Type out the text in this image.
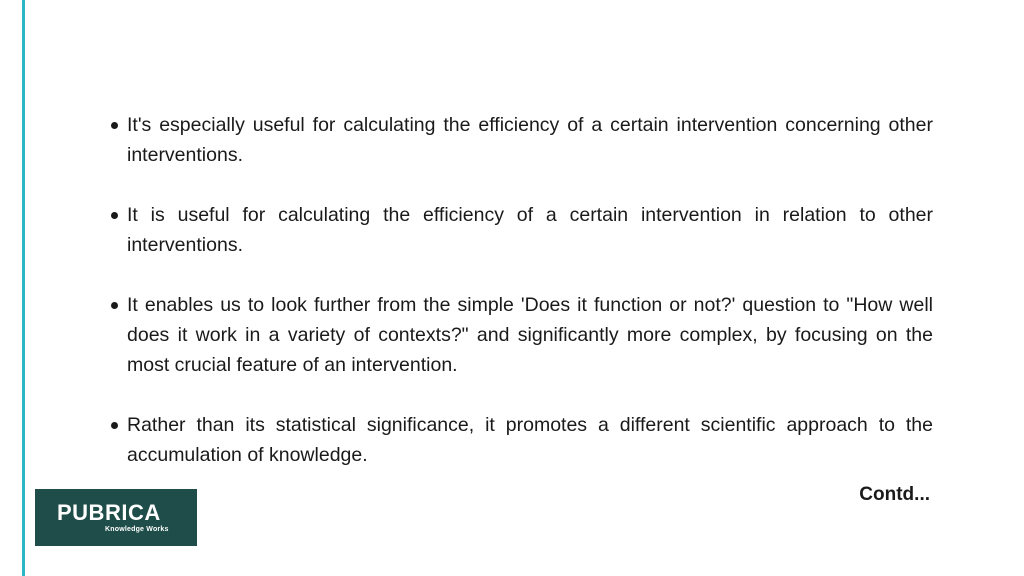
It's especially useful for calculating the efficiency of a certain intervention concerning other interventions.
It is useful for calculating the efficiency of a certain intervention in relation to other interventions.
It enables us to look further from the simple 'Does it function or not?' question to "How well does it work in a variety of contexts?" and significantly more complex, by focusing on the most crucial feature of an intervention.
Rather than its statistical significance, it promotes a different scientific approach to the accumulation of knowledge.
Contd...
PUBRICA
Knowledge Works
